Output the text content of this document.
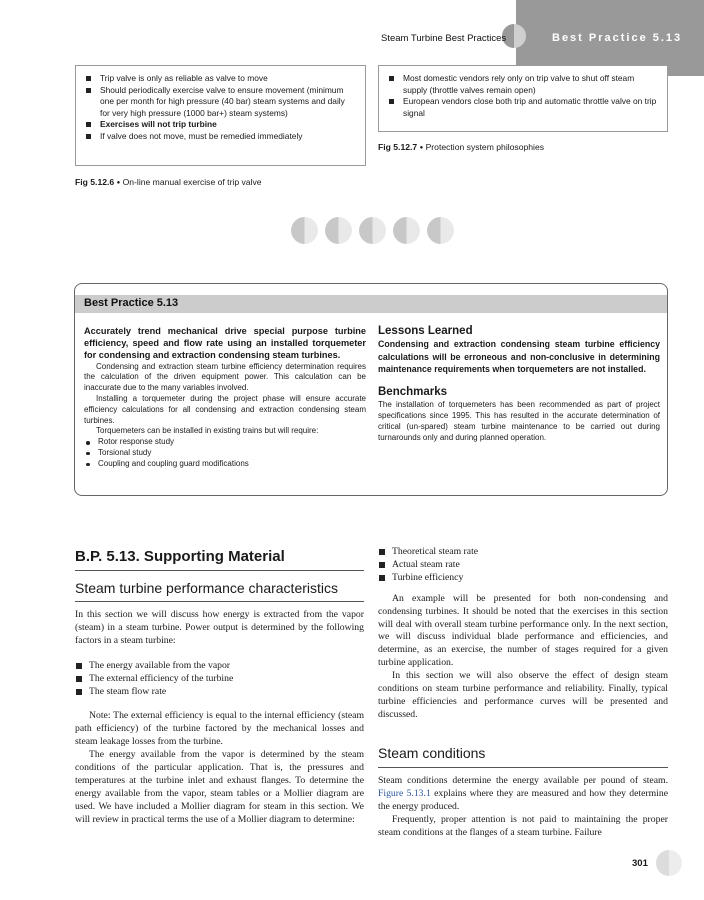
Best Practice 5.13
Steam Turbine Best Practices
Trip valve is only as reliable as valve to move
Should periodically exercise valve to ensure movement (minimum one per month for high pressure (40 bar) steam systems and daily for very high pressure (1000 bar+) steam systems)
Exercises will not trip turbine
If valve does not move, must be remedied immediately
Fig 5.12.6 ● On-line manual exercise of trip valve
Most domestic vendors rely only on trip valve to shut off steam supply (throttle valves remain open)
European vendors close both trip and automatic throttle valve on trip signal
Fig 5.12.7 ● Protection system philosophies
Best Practice 5.13

Accurately trend mechanical drive special purpose turbine efficiency, speed and flow rate using an installed torquemeter for condensing and extraction condensing steam turbines.

Condensing and extraction steam turbine efficiency determination requires the calculation of the driven equipment power. This calculation can be inaccurate due to the many variables involved.

Installing a torquemeter during the project phase will ensure accurate efficiency calculations for all condensing and extraction condensing steam turbines.

Torquemeters can be installed in existing trains but will require:

Rotor response study
Torsional study
Coupling and coupling guard modifications

Lessons Learned

Condensing and extraction condensing steam turbine efficiency calculations will be erroneous and non-conclusive in determining maintenance requirements when torquemeters are not installed.

Benchmarks

The installation of torquemeters has been recommended as part of project specifications since 1995. This has resulted in the accurate determination of critical (un-spared) steam turbine maintenance to be carried out during turnarounds only and during planned operation.

B.P. 5.13. Supporting Material
Steam turbine performance characteristics

In this section we will discuss how energy is extracted from the vapor (steam) in a steam turbine. Power output is determined by the following factors in a steam turbine:

The energy available from the vapor
The external efficiency of the turbine
The steam flow rate

Note: The external efficiency is equal to the internal efficiency (steam path efficiency) of the turbine factored by the mechanical losses and steam leakage losses from the turbine.

The energy available from the vapor is determined by the steam conditions of the particular application. That is, the pressures and temperatures at the turbine inlet and exhaust flanges. To determine the energy available from the vapor, steam tables or a Mollier diagram are used. We have included a Mollier diagram for steam in this section. We will review in practical terms the use of a Mollier diagram to determine:

Theoretical steam rate
Actual steam rate
Turbine efficiency

An example will be presented for both non-condensing and condensing turbines. It should be noted that the exercises in this section will deal with overall steam turbine performance only. In the next section, we will discuss individual blade performance and efficiencies, and determine, as an exercise, the number of stages required for a given turbine application.

In this section we will also observe the effect of design steam conditions on steam turbine performance and reliability. Finally, typical turbine efficiencies and performance curves will be presented and discussed.

Steam conditions

Steam conditions determine the energy available per pound of steam. Figure 5.13.1 explains where they are measured and how they determine the energy produced.

Frequently, proper attention is not paid to maintaining the proper steam conditions at the flanges of a steam turbine. Failure

301
